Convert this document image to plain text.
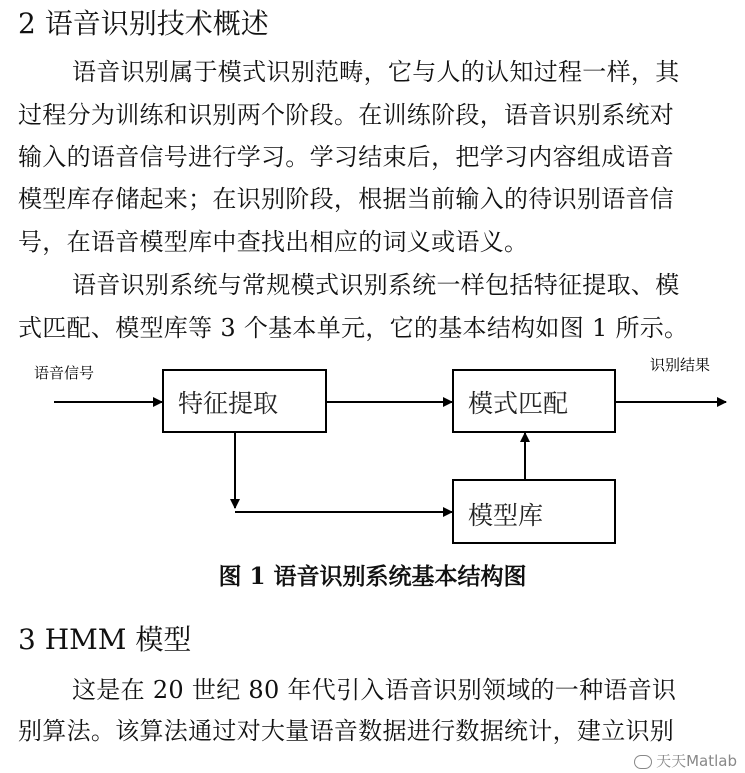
2 语音识别技术概述
语音识别属于模式识别范畴，它与人的认知过程一样，其
过程分为训练和识别两个阶段。在训练阶段，语音识别系统对
输入的语音信号进行学习。学习结束后，把学习内容组成语音
模型库存储起来；在识别阶段，根据当前输入的待识别语音信
号，在语音模型库中查找出相应的词义或语义。
语音识别系统与常规模式识别系统一样包括特征提取、模
式匹配、模型库等 3 个基本单元，它的基本结构如图 1 所示。
语音信号	识别结果
特征提取	模式匹配
模型库
图 1 语音识别系统基本结构图
3 HMM 模型
这是在 20 世纪 80 年代引入语音识别领域的一种语音识
别算法。该算法通过对大量语音数据进行数据统计，建立识别
天天Matlab
